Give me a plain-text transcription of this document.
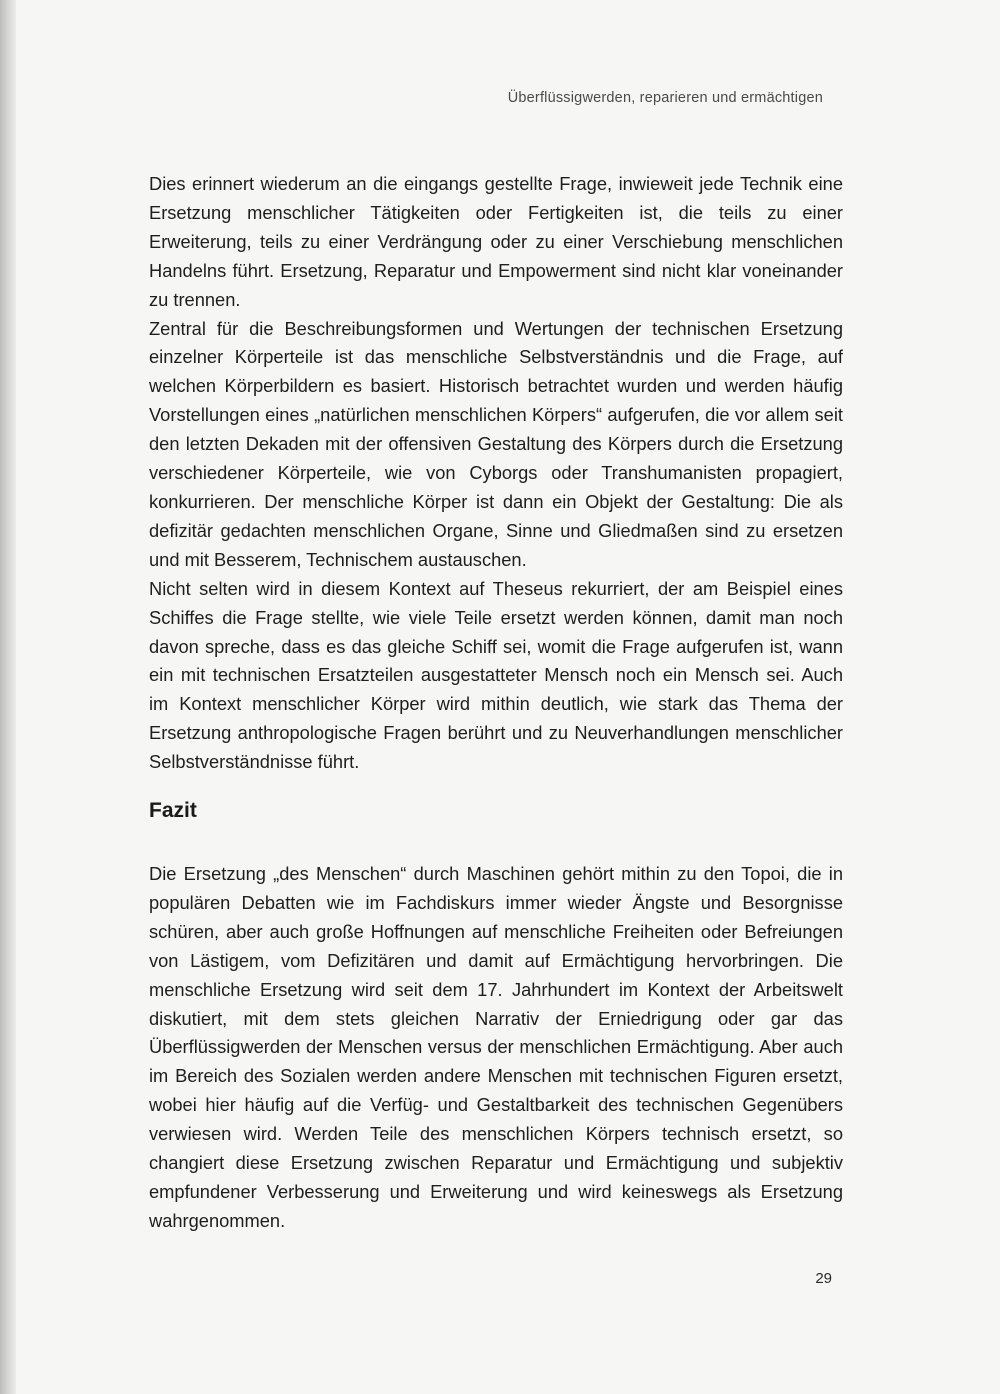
Überflüssigwerden, reparieren und ermächtigen

Dies erinnert wiederum an die eingangs gestellte Frage, inwieweit jede Technik eine Ersetzung menschlicher Tätigkeiten oder Fertigkeiten ist, die teils zu einer Erweiterung, teils zu einer Verdrängung oder zu einer Verschiebung menschlichen Handelns führt. Ersetzung, Reparatur und Empowerment sind nicht klar voneinander zu trennen.

Zentral für die Beschreibungsformen und Wertungen der technischen Ersetzung einzelner Körperteile ist das menschliche Selbstverständnis und die Frage, auf welchen Körperbildern es basiert. Historisch betrachtet wurden und werden häufig Vorstellungen eines „natürlichen menschlichen Körpers“ aufgerufen, die vor allem seit den letzten Dekaden mit der offensiven Gestaltung des Körpers durch die Ersetzung verschiedener Körperteile, wie von Cyborgs oder Transhumanisten propagiert, konkurrieren. Der menschliche Körper ist dann ein Objekt der Gestaltung: Die als defizitär gedachten menschlichen Organe, Sinne und Gliedmaßen sind zu ersetzen und mit Besserem, Technischem austauschen.

Nicht selten wird in diesem Kontext auf Theseus rekurriert, der am Beispiel eines Schiffes die Frage stellte, wie viele Teile ersetzt werden können, damit man noch davon spreche, dass es das gleiche Schiff sei, womit die Frage aufgerufen ist, wann ein mit technischen Ersatzteilen ausgestatteter Mensch noch ein Mensch sei. Auch im Kontext menschlicher Körper wird mithin deutlich, wie stark das Thema der Ersetzung anthropologische Fragen berührt und zu Neuverhandlungen menschlicher Selbstverständnisse führt.

Fazit

Die Ersetzung „des Menschen“ durch Maschinen gehört mithin zu den Topoi, die in populären Debatten wie im Fachdiskurs immer wieder Ängste und Besorgnisse schüren, aber auch große Hoffnungen auf menschliche Freiheiten oder Befreiungen von Lästigem, vom Defizitären und damit auf Ermächtigung hervorbringen. Die menschliche Ersetzung wird seit dem 17. Jahrhundert im Kontext der Arbeitswelt diskutiert, mit dem stets gleichen Narrativ der Erniedrigung oder gar das Überflüssigwerden der Menschen versus der menschlichen Ermächtigung. Aber auch im Bereich des Sozialen werden andere Menschen mit technischen Figuren ersetzt, wobei hier häufig auf die Verfüg- und Gestaltbarkeit des technischen Gegenübers verwiesen wird. Werden Teile des menschlichen Körpers technisch ersetzt, so changiert diese Ersetzung zwischen Reparatur und Ermächtigung und subjektiv empfundener Verbesserung und Erweiterung und wird keineswegs als Ersetzung wahrgenommen.

29
